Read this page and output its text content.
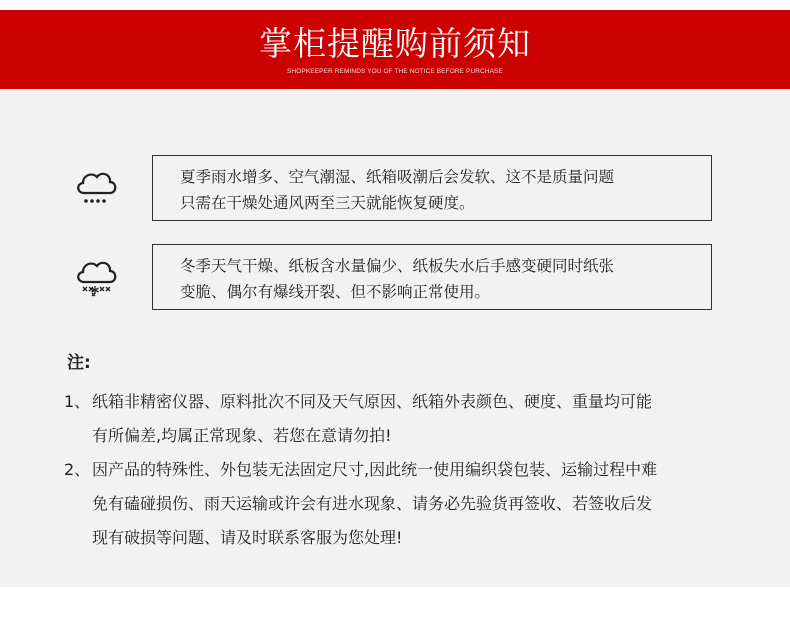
掌柜提醒购前须知
SHOPKEEPER REMINDS YOU OF THE NOTICE BEFORE PURCHASE
夏季雨水增多、空气潮湿、纸箱吸潮后会发软、这不是质量问题
只需在干燥处通风两至三天就能恢复硬度。
冬季天气干燥、纸板含水量偏少、纸板失水后手感变硬同时纸张
变脆、偶尔有爆线开裂、但不影响正常使用。
注:
1、 纸箱非精密仪器、原料批次不同及天气原因、纸箱外表颜色、硬度、重量均可能
有所偏差,均属正常现象、若您在意请勿拍!
2、 因产品的特殊性、外包装无法固定尺寸,因此统一使用编织袋包装、运输过程中难
免有磕碰损伤、雨天运输或许会有进水现象、请务必先验货再签收、若签收后发
现有破损等问题、请及时联系客服为您处理!
